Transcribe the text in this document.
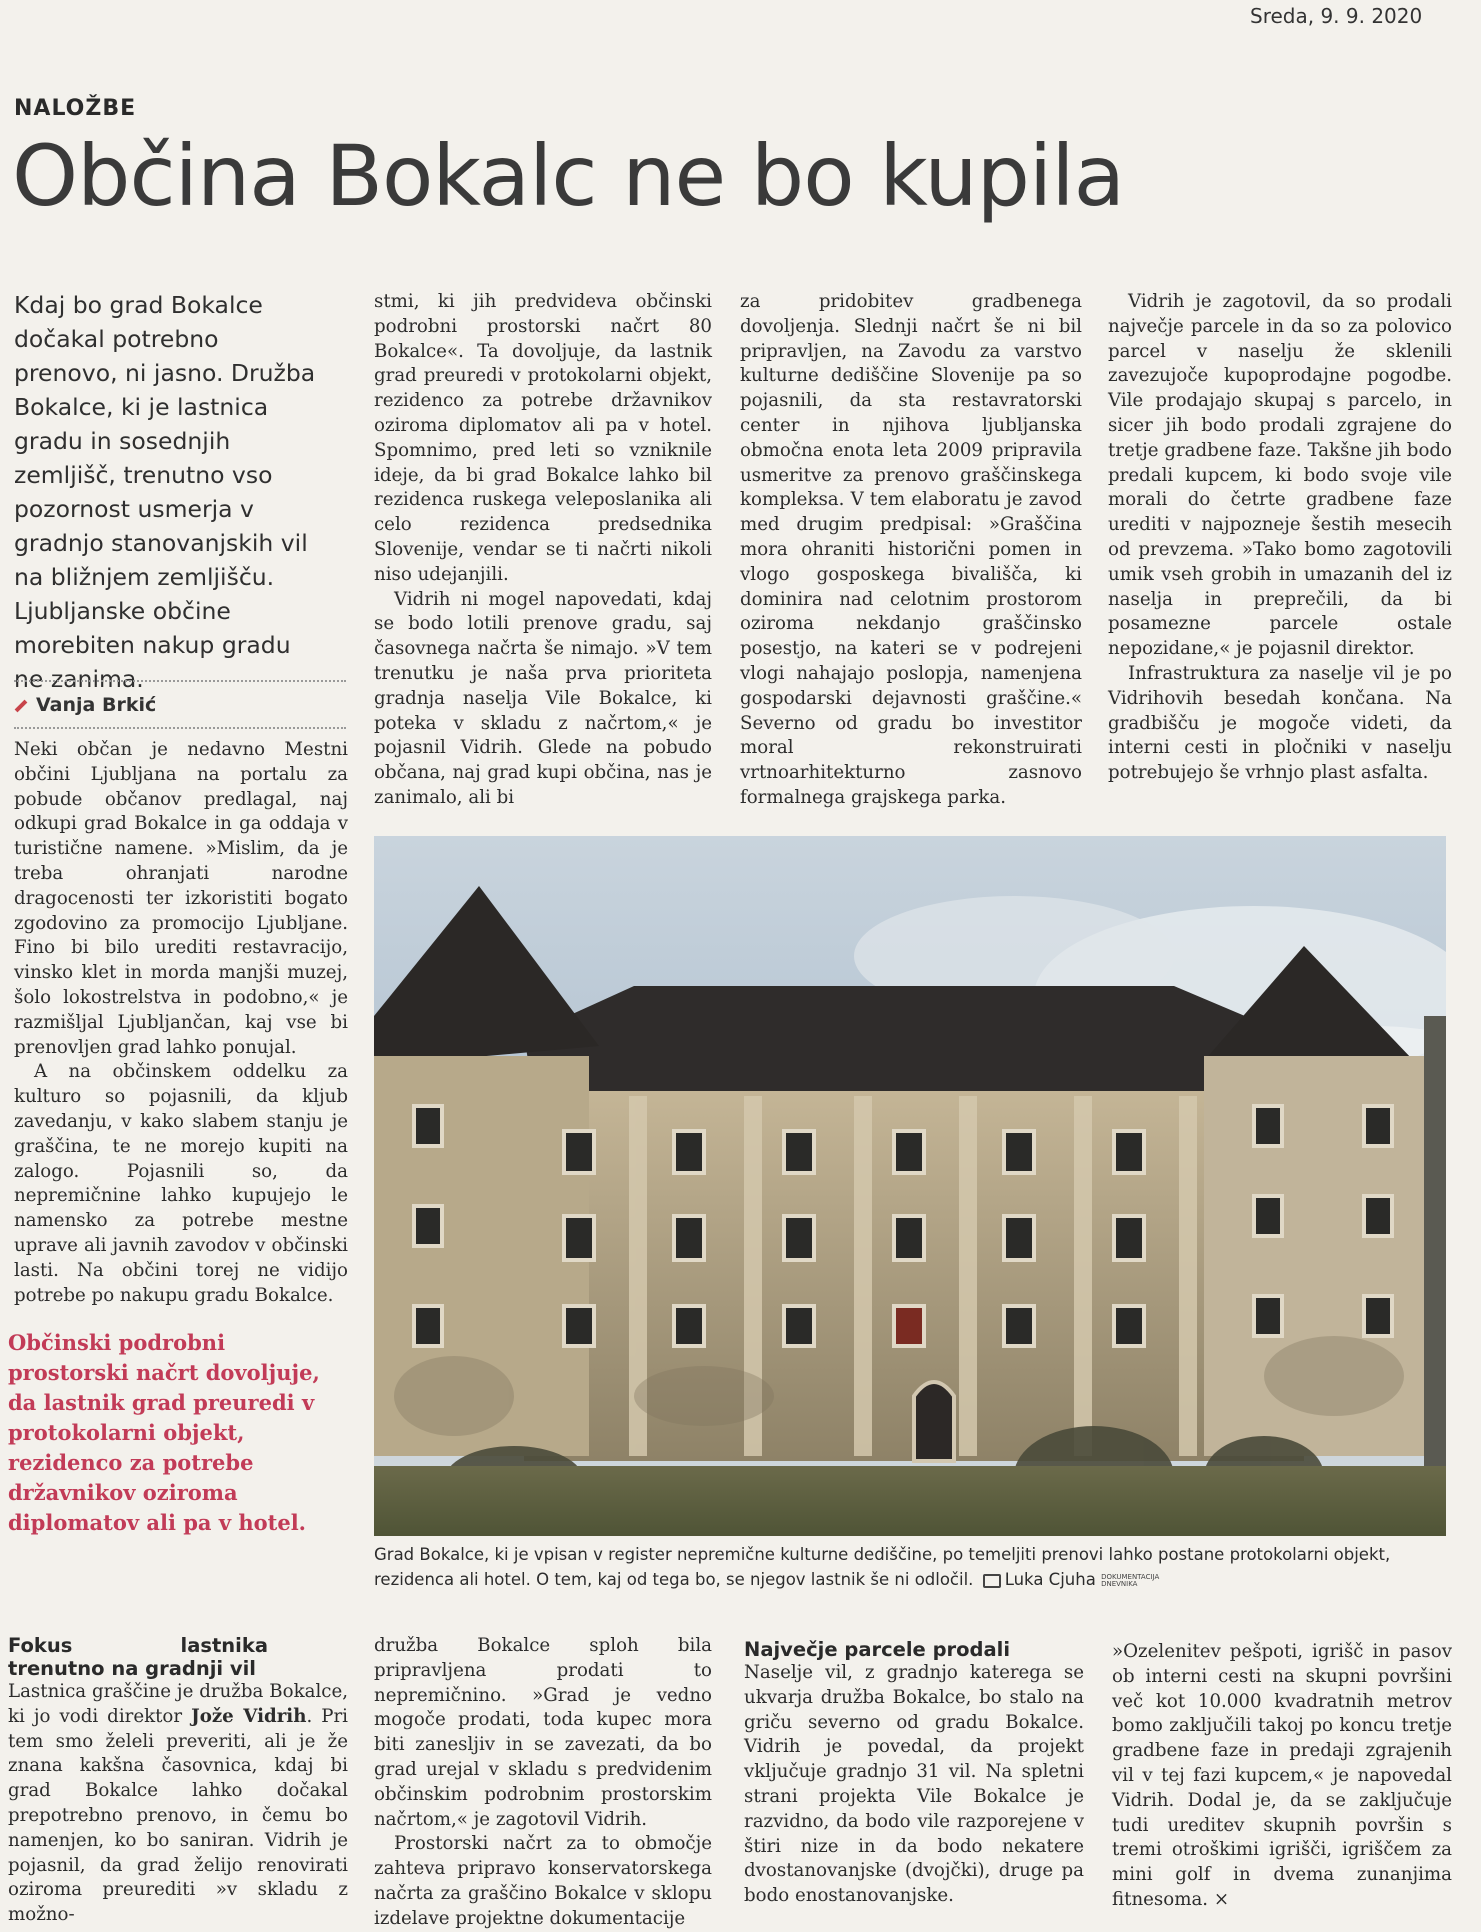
Sreda, 9. 9. 2020
NALOŽBE
Občina Bokalc ne bo kupila
Kdaj bo grad Bokalce dočakal potrebno prenovo, ni jasno. Družba Bokalce, ki je lastnica gradu in sosednjih zemljišč, trenutno vso pozornost usmerja v gradnjo stanovanjskih vil na bližnjem zemljišču. Ljubljanske občine morebiten nakup gradu ne zanima.
Vanja Brkić

Neki občan je nedavno Mestni občini Ljubljana na portalu za pobude občanov predlagal, naj odkupi grad Bokalce in ga oddaja v turistične namene. »Mislim, da je treba ohranjati narodne dragocenosti ter izkoristiti bogato zgodovino za promocijo Ljubljane. Fino bi bilo urediti restavracijo, vinsko klet in morda manjši muzej, šolo lokostrelstva in podobno,« je razmišljal Ljubljančan, kaj vse bi prenovljen grad lahko ponujal.

A na občinskem oddelku za kulturo so pojasnili, da kljub zavedanju, v kako slabem stanju je graščina, te ne morejo kupiti na zalogo. Pojasnili so, da nepremičnine lahko kupujejo le namensko za potrebe mestne uprave ali javnih zavodov v občinski lasti. Na občini torej ne vidijo potrebe po nakupu gradu Bokalce.

Občinski podrobni prostorski načrt dovoljuje, da lastnik grad preuredi v protokolarni objekt, rezidenco za potrebe državnikov oziroma diplomatov ali pa v hotel.

stmi, ki jih predvideva občinski podrobni prostorski načrt 80 Bokalce«. Ta dovoljuje, da lastnik grad preuredi v protokolarni objekt, rezidenco za potrebe državnikov oziroma diplomatov ali pa v hotel. Spomnimo, pred leti so vzniknile ideje, da bi grad Bokalce lahko bil rezidenca ruskega veleposlanika ali celo rezidenca predsednika Slovenije, vendar se ti načrti nikoli niso udejanjili.

Vidrih ni mogel napovedati, kdaj se bodo lotili prenove gradu, saj časovnega načrta še nimajo. »V tem trenutku je naša prva prioriteta gradnja naselja Vile Bokalce, ki poteka v skladu z načrtom,« je pojasnil Vidrih. Glede na pobudo občana, naj grad kupi občina, nas je zanimalo, ali bi

za pridobitev gradbenega dovoljenja. Slednji načrt še ni bil pripravljen, na Zavodu za varstvo kulturne dediščine Slovenije pa so pojasnili, da sta restavratorski center in njihova ljubljanska območna enota leta 2009 pripravila usmeritve za prenovo graščinskega kompleksa. V tem elaboratu je zavod med drugim predpisal: »Graščina mora ohraniti historični pomen in vlogo gosposkega bivališča, ki dominira nad celotnim prostorom oziroma nekdanjo graščinsko posestjo, na kateri se v podrejeni vlogi nahajajo poslopja, namenjena gospodarski dejavnosti graščine.« Severno od gradu bo investitor moral rekonstruirati vrtnoarhitekturno zasnovo formalnega grajskega parka.

Vidrih je zagotovil, da so prodali največje parcele in da so za polovico parcel v naselju že sklenili zavezujoče kupoprodajne pogodbe. Vile prodajajo skupaj s parcelo, in sicer jih bodo prodali zgrajene do tretje gradbene faze. Takšne jih bodo predali kupcem, ki bodo svoje vile morali do četrte gradbene faze urediti v najpozneje šestih mesecih od prevzema. »Tako bomo zagotovili umik vseh grobih in umazanih del iz naselja in preprečili, da bi posamezne parcele ostale nepozidane,« je pojasnil direktor.

Infrastruktura za naselje vil je po Vidrihovih besedah končana. Na gradbišču je mogoče videti, da interni cesti in pločniki v naselju potrebujejo še vrhnjo plast asfalta.

Grad Bokalce, ki je vpisan v register nepremične kulturne dediščine, po temeljiti prenovi lahko postane protokolarni objekt, rezidenca ali hotel. O tem, kaj od tega bo, se njegov lastnik še ni odločil. Luka Cjuha DOKUMENTACIJA
DNEVNIKA
Fokus lastnika trenutno na gradnji vil

Lastnica graščine je družba Bokalce, ki jo vodi direktor Jože Vidrih. Pri tem smo želeli preveriti, ali je že znana kakšna časovnica, kdaj bi grad Bokalce lahko dočakal prepotrebno prenovo, in čemu bo namenjen, ko bo saniran. Vidrih je pojasnil, da grad želijo renovirati oziroma preurediti »v skladu z možno-

družba Bokalce sploh bila pripravljena prodati to nepremičnino. »Grad je vedno mogoče prodati, toda kupec mora biti zanesljiv in se zavezati, da bo grad urejal v skladu s predvidenim občinskim podrobnim prostorskim načrtom,« je zagotovil Vidrih.

Prostorski načrt za to območje zahteva pripravo konservatorskega načrta za graščino Bokalce v sklopu izdelave projektne dokumentacije

Največje parcele prodali

Naselje vil, z gradnjo katerega se ukvarja družba Bokalce, bo stalo na griču severno od gradu Bokalce. Vidrih je povedal, da projekt vključuje gradnjo 31 vil. Na spletni strani projekta Vile Bokalce je razvidno, da bodo vile razporejene v štiri nize in da bodo nekatere dvostanovanjske (dvojčki), druge pa bodo enostanovanjske.

»Ozelenitev pešpoti, igrišč in pasov ob interni cesti na skupni površini več kot 10.000 kvadratnih metrov bomo zaključili takoj po koncu tretje gradbene faze in predaji zgrajenih vil v tej fazi kupcem,« je napovedal Vidrih. Dodal je, da se zaključuje tudi ureditev skupnih površin s tremi otroškimi igrišči, igriščem za mini golf in dvema zunanjima fitnesoma. ×
